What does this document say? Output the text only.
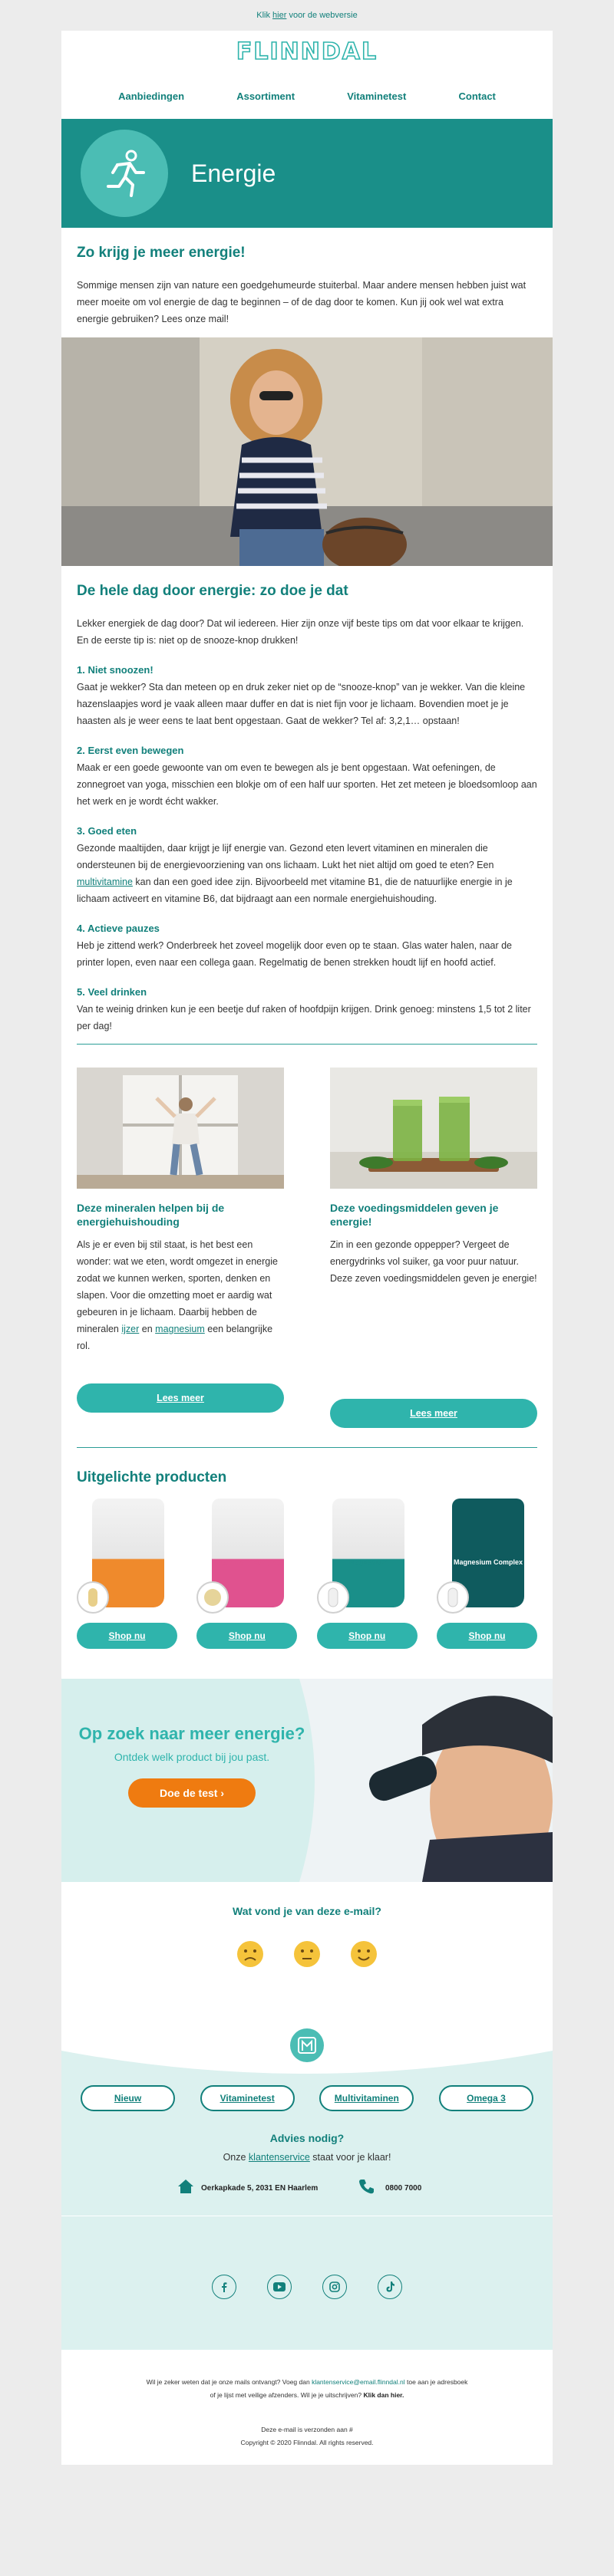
Klik hier voor de webversie
FLINNDAL
Aanbiedingen	Assortiment	Vitaminetest	Contact
Energie
Zo krijg je meer energie!

Sommige mensen zijn van nature een goedgehumeurde stuiterbal. Maar andere mensen hebben juist wat meer moeite om vol energie de dag te beginnen – of de dag door te komen. Kun jij ook wel wat extra energie gebruiken? Lees onze mail!

De hele dag door energie: zo doe je dat

Lekker energiek de dag door? Dat wil iedereen. Hier zijn onze vijf beste tips om dat voor elkaar te krijgen. En de eerste tip is: niet op de snooze-knop drukken!

1. Niet snoozen!

Gaat je wekker? Sta dan meteen op en druk zeker niet op de “snooze-knop” van je wekker. Van die kleine hazenslaapjes word je vaak alleen maar duffer en dat is niet fijn voor je lichaam. Bovendien moet je je haasten als je weer eens te laat bent opgestaan. Gaat de wekker? Tel af: 3,2,1… opstaan!

2. Eerst even bewegen

Maak er een goede gewoonte van om even te bewegen als je bent opgestaan. Wat oefeningen, de zonnegroet van yoga, misschien een blokje om of een half uur sporten. Het zet meteen je bloedsomloop aan het werk en je wordt écht wakker.

3. Goed eten

Gezonde maaltijden, daar krijgt je lijf energie van. Gezond eten levert vitaminen en mineralen die ondersteunen bij de energievoorziening van ons lichaam. Lukt het niet altijd om goed te eten? Een multivitamine kan dan een goed idee zijn. Bijvoorbeeld met vitamine B1, die de natuurlijke energie in je lichaam activeert en vitamine B6, dat bijdraagt aan een normale energiehuishouding.

4. Actieve pauzes

Heb je zittend werk? Onderbreek het zoveel mogelijk door even op te staan. Glas water halen, naar de printer lopen, even naar een collega gaan. Regelmatig de benen strekken houdt lijf en hoofd actief.

5. Veel drinken

Van te weinig drinken kun je een beetje duf raken of hoofdpijn krijgen. Drink genoeg: minstens 1,5 tot 2 liter per dag!

Deze mineralen helpen bij de energiehuishouding

Als je er even bij stil staat, is het best een wonder: wat we eten, wordt omgezet in energie zodat we kunnen werken, sporten, denken en slapen. Voor die omzetting moet er aardig wat gebeuren in je lichaam. Daarbij hebben de mineralen ijzer en magnesium een belangrijke rol.

Lees meer
Deze voedingsmiddelen geven je energie!

Zin in een gezonde oppepper? Vergeet de energydrinks vol suiker, ga voor puur natuur. Deze zeven voedingsmiddelen geven je energie!

Lees meer
Uitgelichte producten
Q10 Forte
Shop nu
Vitamine B complex
Shop nu
Magnesium
Shop nu
Magnesium Complex
Shop nu
Op zoek naar meer energie?
Ontdek welk product bij jou past.
Doe de test ›
Wat vond je van deze e-mail?
Nieuw	Vitaminetest	Multivitaminen	Omega 3
Advies nodig?
Onze klantenservice staat voor je klaar!
Oerkapkade 5, 2031 EN Haarlem	0800 7000
Wil je zeker weten dat je onze mails ontvangt? Voeg dan klantenservice@email.flinndal.nl toe aan je adresboek
of je lijst met veilige afzenders. Wil je je uitschrijven? Klik dan hier.
Deze e-mail is verzonden aan #
Copyright © 2020 Flinndal. All rights reserved.
